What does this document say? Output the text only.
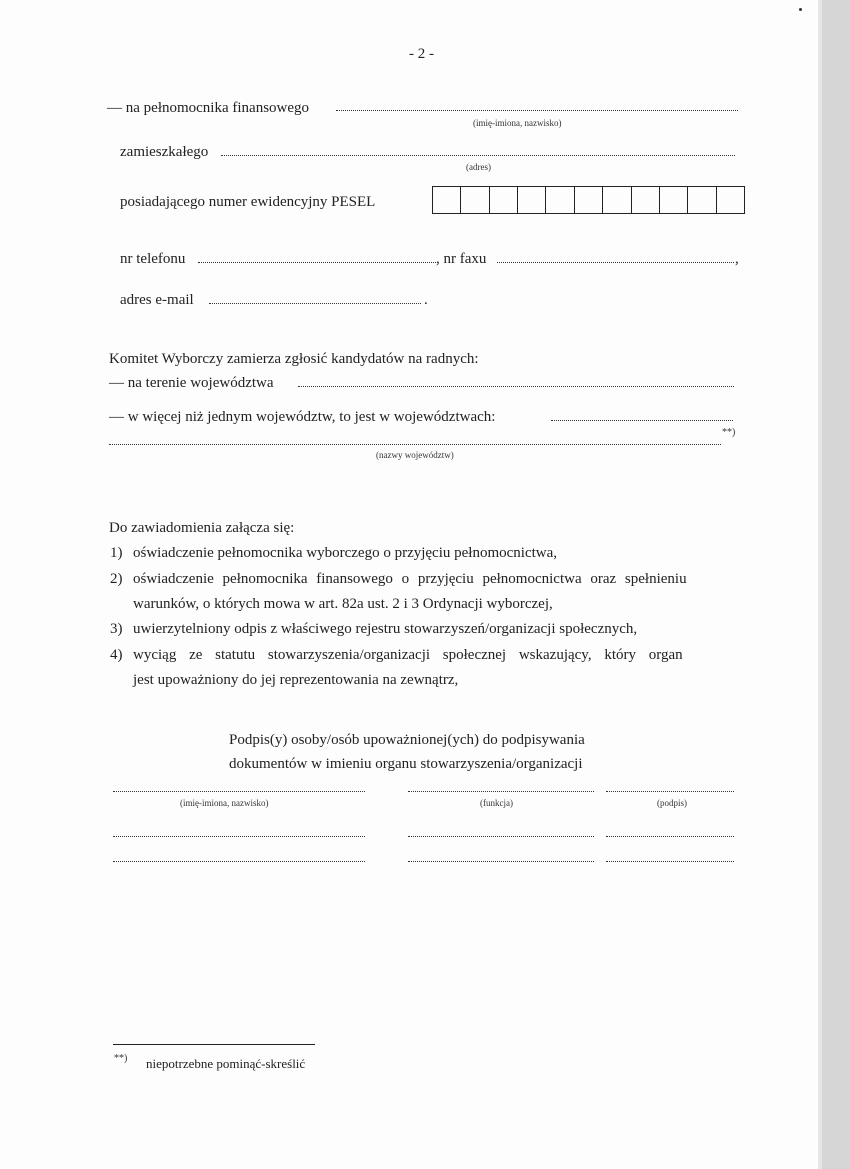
- 2 -
— na pełnomocnika finansowego
(imię-imiona, nazwisko)
zamieszkałego
(adres)
posiadającego numer ewidencyjny PESEL
nr telefonu	, nr faxu	,
adres e-mail	.
Komitet Wyborczy zamierza zgłosić kandydatów na radnych:
— na terenie województwa
— w więcej niż jednym województw, to jest w województwach:
**)
(nazwy województw)
Do zawiadomienia załącza się:
1) oświadczenie pełnomocnika wyborczego o przyjęciu pełnomocnictwa,
2) oświadczenie pełnomocnika finansowego o przyjęciu pełnomocnictwa oraz spełnieniu
warunków, o których mowa w art. 82a ust. 2 i 3 Ordynacji wyborczej,
3) uwierzytelniony odpis z właściwego rejestru stowarzyszeń/organizacji społecznych,
4) wyciąg ze statutu stowarzyszenia/organizacji społecznej wskazujący, który organ
jest upoważniony do jej reprezentowania na zewnątrz,
Podpis(y) osoby/osób upoważnionej(ych) do podpisywania
dokumentów w imieniu organu stowarzyszenia/organizacji
(imię-imiona, nazwisko)	(funkcja)	(podpis)
**) niepotrzebne pominąć-skreślić
